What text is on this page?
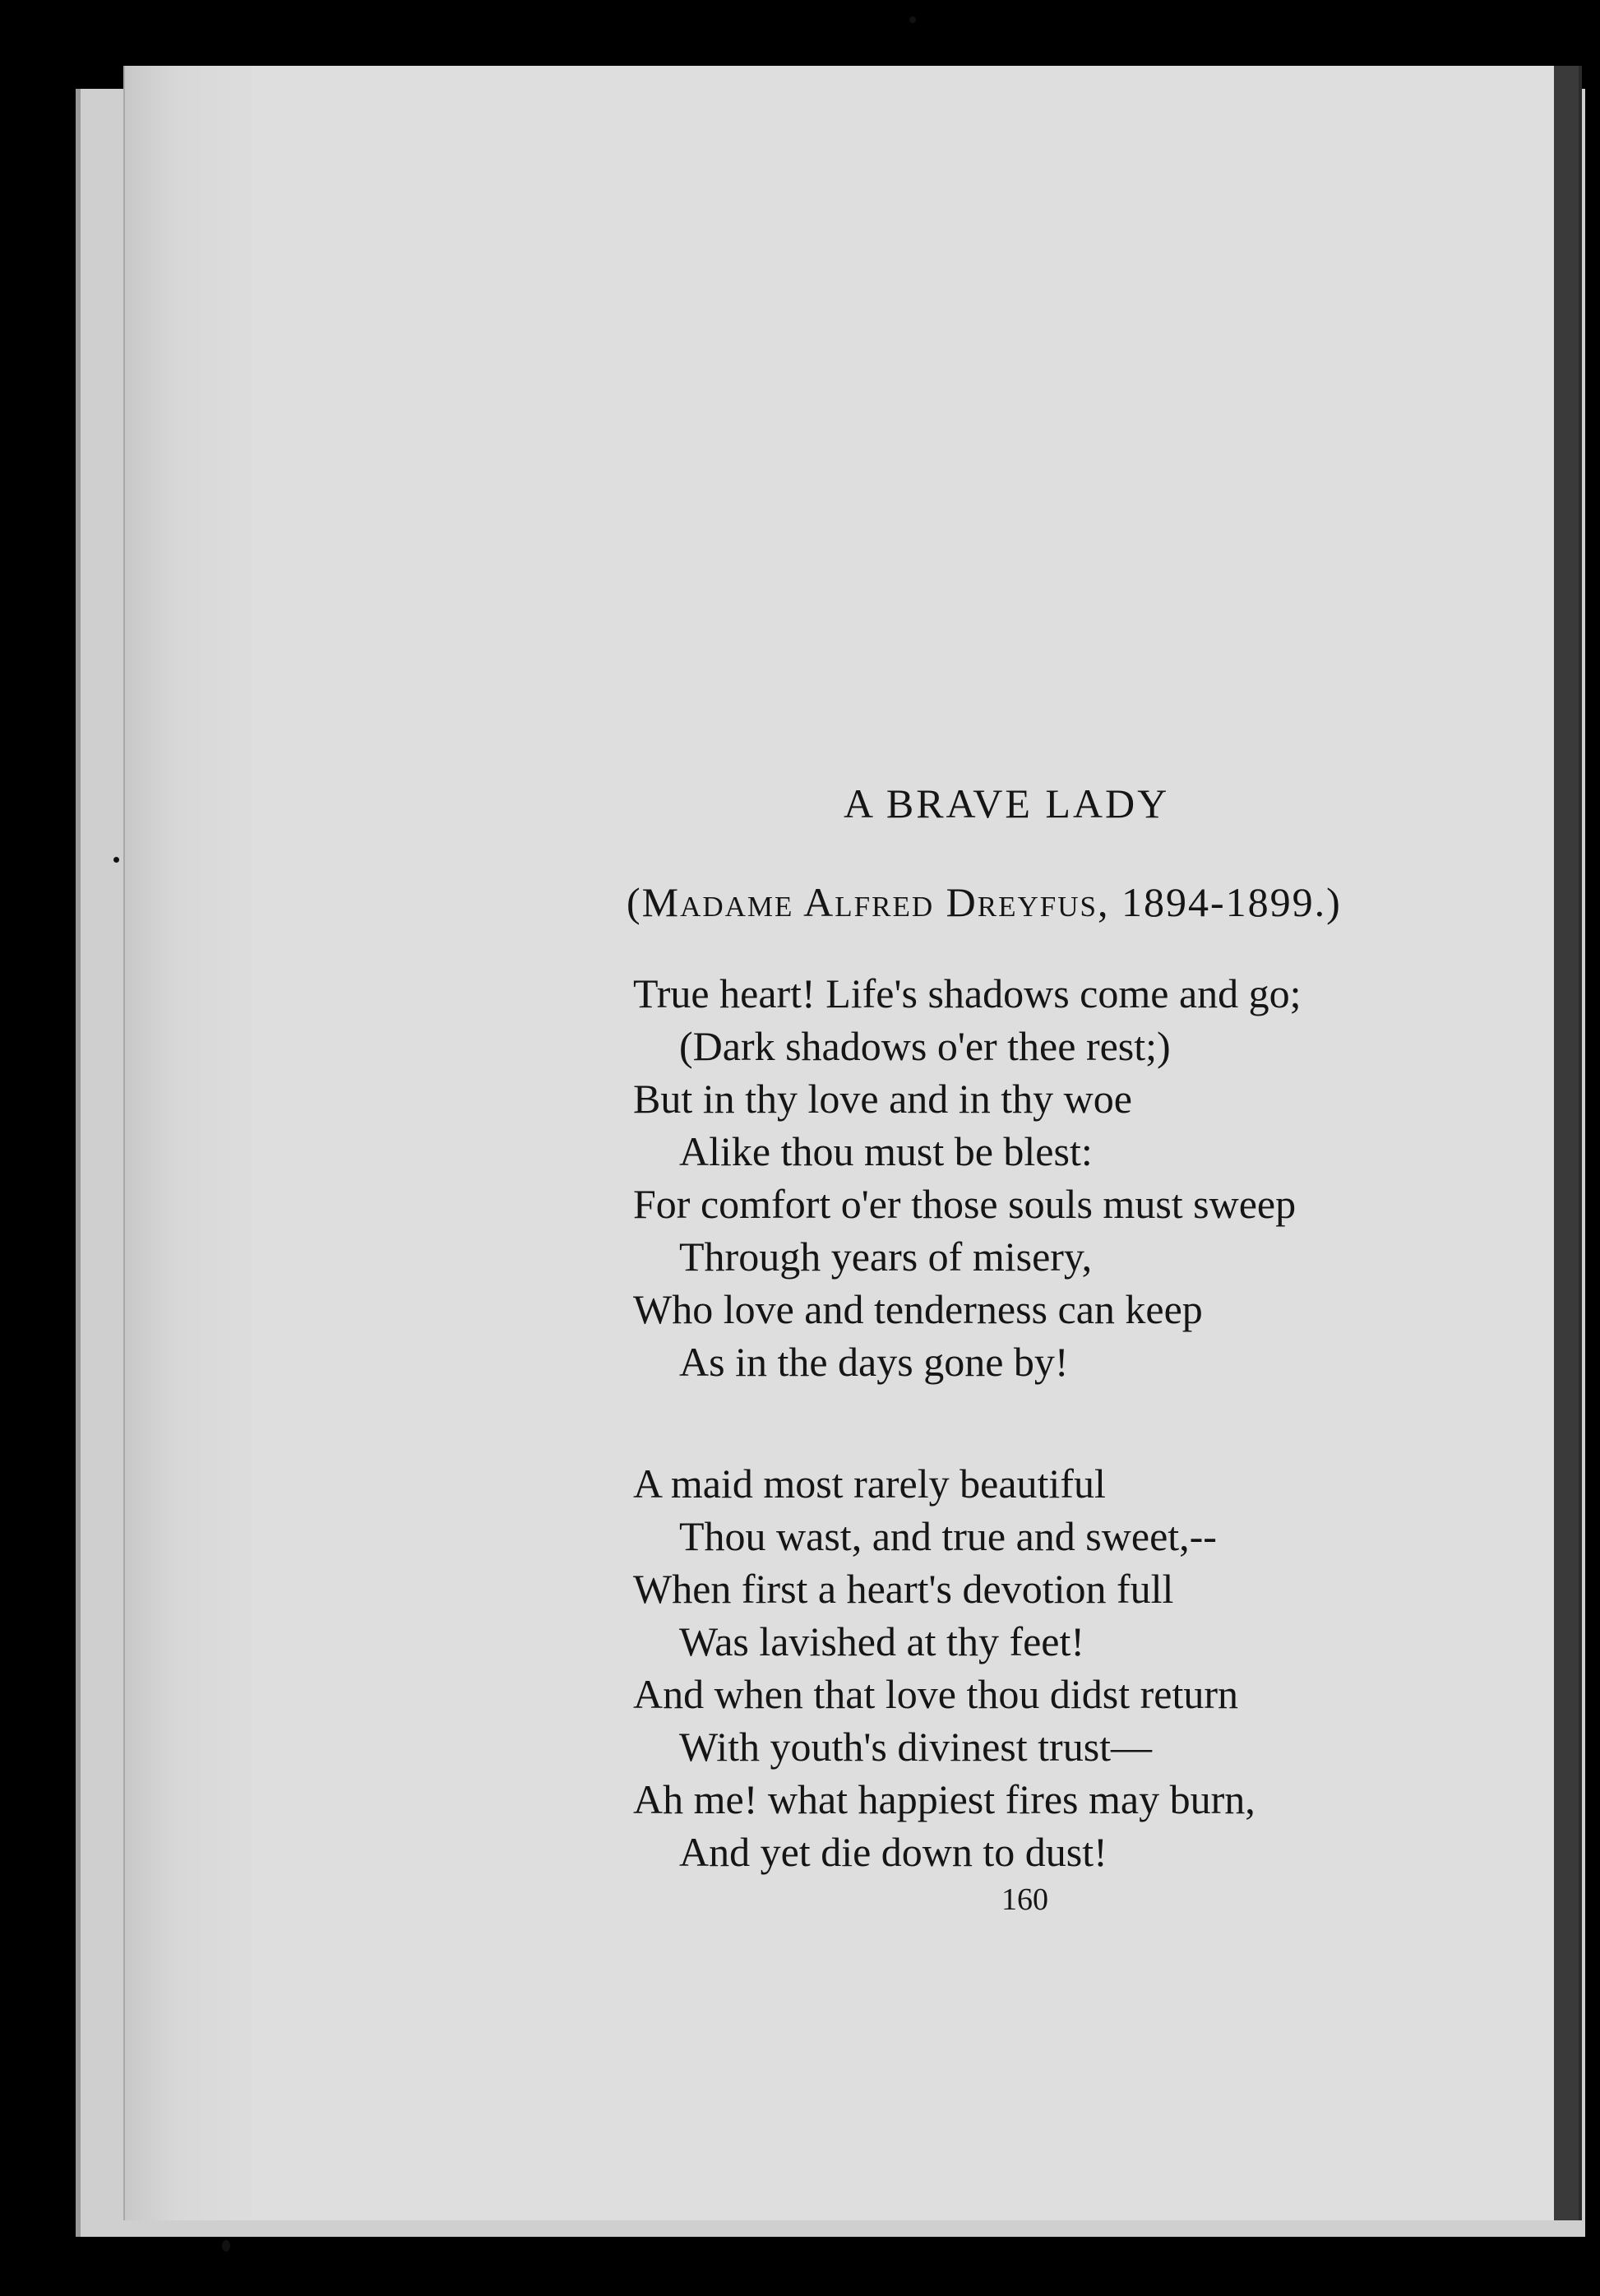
A BRAVE LADY
(Madame Alfred Dreyfus, 1894-1899.)
True heart! Life's shadows come and go;
(Dark shadows o'er thee rest;)
But in thy love and in thy woe
Alike thou must be blest:
For comfort o'er those souls must sweep
Through years of misery,
Who love and tenderness can keep
As in the days gone by!
A maid most rarely beautiful
Thou wast, and true and sweet,--
When first a heart's devotion full
Was lavished at thy feet!
And when that love thou didst return
With youth's divinest trust—
Ah me! what happiest fires may burn,
And yet die down to dust!
160
